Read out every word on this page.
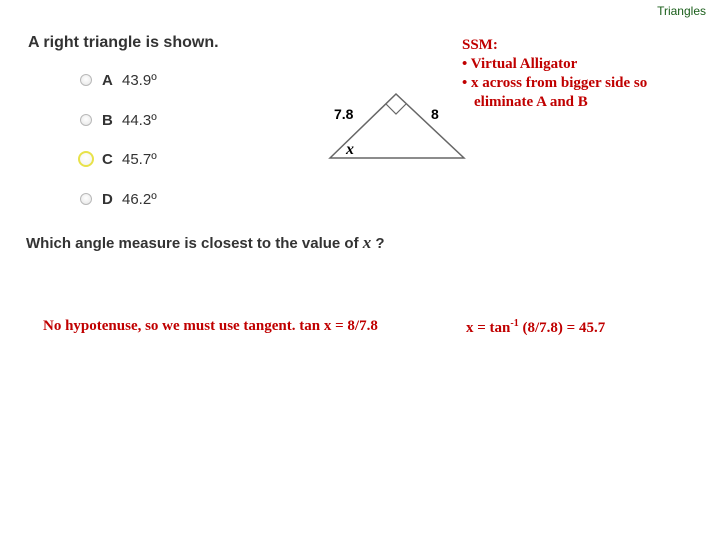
Triangles
A right triangle is shown.
A 43.9º
B 44.3º
C 45.7º
D 46.2º
7.8	8
x
Which angle measure is closest to the value of x ?
SSM:
• Virtual Alligator
• x across from bigger side so
eliminate A and B
No hypotenuse, so we must use tangent. tan x = 8/7.8	$x = \tan^{-1} (8/7.8) = 45.7$
